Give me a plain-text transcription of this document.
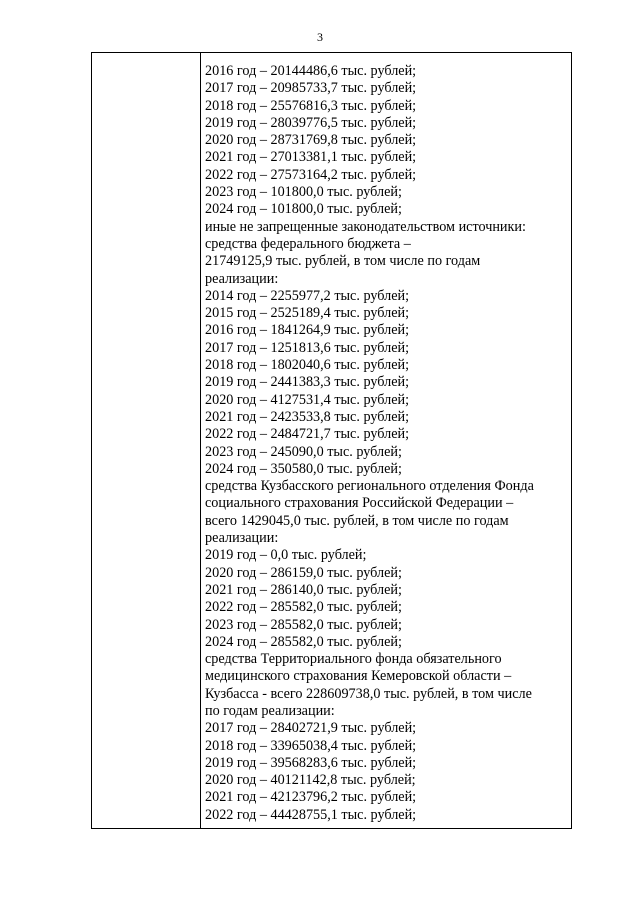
3
2016 год – 20144486,6 тыс. рублей;
2017 год – 20985733,7 тыс. рублей;
2018 год – 25576816,3 тыс. рублей;
2019 год – 28039776,5 тыс. рублей;
2020 год – 28731769,8 тыс. рублей;
2021 год – 27013381,1 тыс. рублей;
2022 год – 27573164,2 тыс. рублей;
2023 год – 101800,0 тыс. рублей;
2024 год – 101800,0 тыс. рублей;
иные не запрещенные законодательством источники:
средства федерального бюджета –
21749125,9 тыс. рублей, в том числе по годам
реализации:
2014 год – 2255977,2 тыс. рублей;
2015 год – 2525189,4 тыс. рублей;
2016 год – 1841264,9 тыс. рублей;
2017 год – 1251813,6 тыс. рублей;
2018 год – 1802040,6 тыс. рублей;
2019 год – 2441383,3 тыс. рублей;
2020 год – 4127531,4 тыс. рублей;
2021 год – 2423533,8 тыс. рублей;
2022 год – 2484721,7 тыс. рублей;
2023 год – 245090,0 тыс. рублей;
2024 год – 350580,0 тыс. рублей;
средства Кузбасского регионального отделения Фонда
социального страхования Российской Федерации –
всего 1429045,0 тыс. рублей, в том числе по годам
реализации:
2019 год – 0,0 тыс. рублей;
2020 год – 286159,0 тыс. рублей;
2021 год – 286140,0 тыс. рублей;
2022 год – 285582,0 тыс. рублей;
2023 год – 285582,0 тыс. рублей;
2024 год – 285582,0 тыс. рублей;
средства Территориального фонда обязательного
медицинского страхования Кемеровской области –
Кузбасса - всего 228609738,0 тыс. рублей, в том числе
по годам реализации:
2017 год – 28402721,9 тыс. рублей;
2018 год – 33965038,4 тыс. рублей;
2019 год – 39568283,6 тыс. рублей;
2020 год – 40121142,8 тыс. рублей;
2021 год – 42123796,2 тыс. рублей;
2022 год – 44428755,1 тыс. рублей;
